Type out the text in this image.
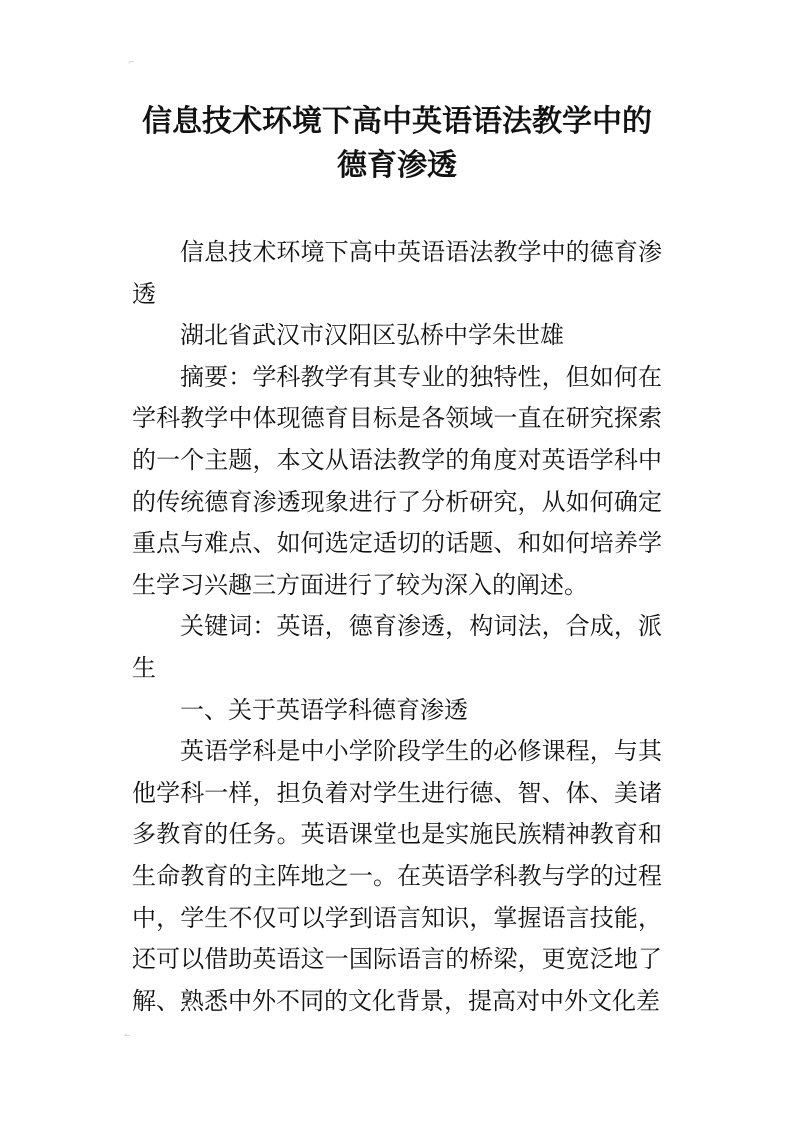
⌐
信息技术环境下高中英语语法教学中的德育渗透

信息技术环境下高中英语语法教学中的德育渗透

湖北省武汉市汉阳区弘桥中学朱世雄

摘要：学科教学有其专业的独特性，但如何在学科教学中体现德育目标是各领域一直在研究探索的一个主题，本文从语法教学的角度对英语学科中的传统德育渗透现象进行了分析研究，从如何确定重点与难点、如何选定适切的话题、和如何培养学生学习兴趣三方面进行了较为深入的阐述。

关键词：英语，德育渗透，构词法，合成，派生

一、关于英语学科德育渗透

英语学科是中小学阶段学生的必修课程，与其他学科一样，担负着对学生进行德、智、体、美诸多教育的任务。英语课堂也是实施民族精神教育和生命教育的主阵地之一。在英语学科教与学的过程中，学生不仅可以学到语言知识，掌握语言技能，还可以借助英语这一国际语言的桥梁，更宽泛地了解、熟悉中外不同的文化背景，提高对中外文化差

⌙
